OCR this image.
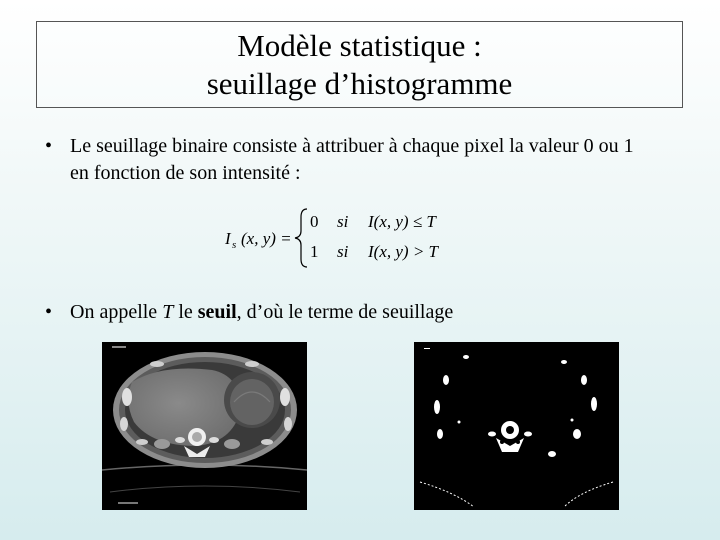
Modèle statistique :
seuillage d’histogramme
• Le seuillage binaire consiste à attribuer à chaque pixel la valeur 0 ou 1 en fonction de son intensité :
I s (x, y) =
0 si I(x, y) ≤ T
1 si I(x, y) > T
• On appelle T le seuil, d’où le terme de seuillage
